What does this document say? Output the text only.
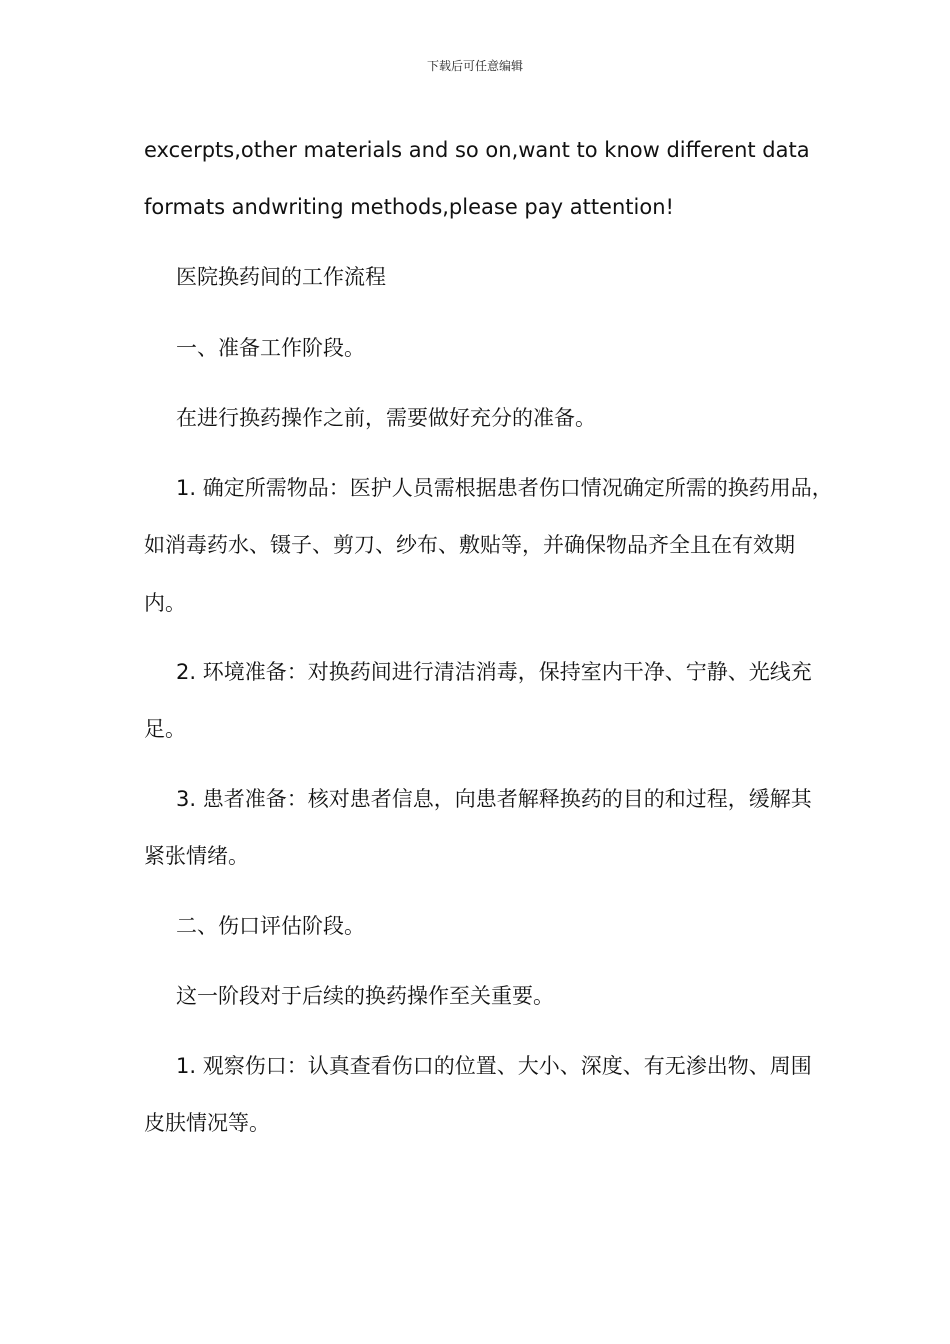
下载后可任意编辑
excerpts,other materials and so on,want to know different data
formats andwriting methods,please pay attention!
医院换药间的工作流程
一、准备工作阶段。
在进行换药操作之前，需要做好充分的准备。
1. 确定所需物品：医护人员需根据患者伤口情况确定所需的换药用品，
如消毒药水、镊子、剪刀、纱布、敷贴等，并确保物品齐全且在有效期
内。
2. 环境准备：对换药间进行清洁消毒，保持室内干净、宁静、光线充
足。
3. 患者准备：核对患者信息，向患者解释换药的目的和过程，缓解其
紧张情绪。
二、伤口评估阶段。
这一阶段对于后续的换药操作至关重要。
1. 观察伤口：认真查看伤口的位置、大小、深度、有无渗出物、周围
皮肤情况等。
